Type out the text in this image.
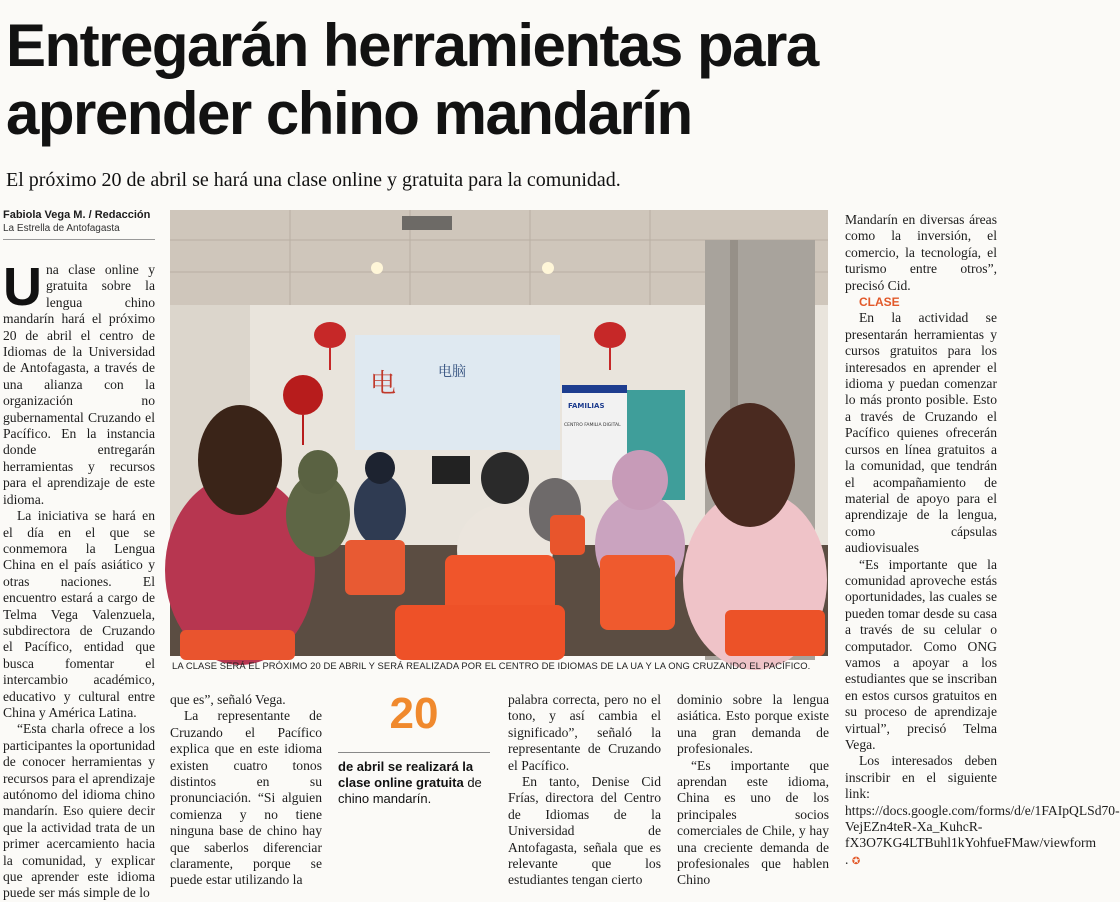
Entregarán herramientas para aprender chino mandarín
El próximo 20 de abril se hará una clase online y gratuita para la comunidad.
Fabiola Vega M. / Redacción
La Estrella de Antofagasta

Una clase online y gratuita sobre la lengua chino mandarín hará el próximo 20 de abril el centro de Idiomas de la Universidad de Antofagasta, a través de una alianza con la organización no gubernamental Cruzando el Pacífico. En la instancia donde entregarán herramientas y recursos para el aprendizaje de este idioma.

La iniciativa se hará en el día en el que se conmemora la Lengua China en el país asiático y otras naciones. El encuentro estará a cargo de Telma Vega Valenzuela, subdirectora de Cruzando el Pacífico, entidad que busca fomentar el intercambio académico, educativo y cultural entre China y América Latina.

“Esta charla ofrece a los participantes la oportunidad de conocer herramientas y recursos para el aprendizaje autónomo del idioma chino mandarín. Eso quiere decir que la actividad trata de un primer acercamiento hacia la comunidad, y explicar que aprender este idioma puede ser más simple de lo

电	电脑
FAMILIAS
CENTRO FAMILIA DIGITAL
LA CLASE SERÁ EL PRÓXIMO 20 DE ABRIL Y SERÁ REALIZADA POR EL CENTRO DE IDIOMAS DE LA UA Y LA ONG CRUZANDO EL PACÍFICO.

que es”, señaló Vega.

La representante de Cruzando el Pacífico explica que en este idioma existen cuatro tonos distintos en su pronunciación. “Si alguien comienza y no tiene ninguna base de chino hay que saberlos diferenciar claramente, porque se puede estar utilizando la

20
de abril se realizará la clase online gratuita de chino mandarín.

palabra correcta, pero no el tono, y así cambia el significado”, señaló la representante de Cruzando el Pacífico.

En tanto, Denise Cid Frías, directora del Centro de Idiomas de la Universidad de Antofagasta, señala que es relevante que los estudiantes tengan cierto

dominio sobre la lengua asiática. Esto porque existe una gran demanda de profesionales.

“Es importante que aprendan este idioma, China es uno de los principales socios comerciales de Chile, y hay una creciente demanda de profesionales que hablen Chino

Mandarín en diversas áreas como la inversión, el comercio, la tecnología, el turismo entre otros”, precisó Cid.

CLASE

En la actividad se presentarán herramientas y cursos gratuitos para los interesados en aprender el idioma y puedan comenzar lo más pronto posible. Esto a través de Cruzando el Pacífico quienes ofrecerán cursos en línea gratuitos a la comunidad, que tendrán el acompañamiento de material de apoyo para el aprendizaje de la lengua, como cápsulas audiovisuales

“Es importante que la comunidad aproveche estás oportunidades, las cuales se pueden tomar desde su casa a través de su celular o computador. Como ONG vamos a apoyar a los estudiantes que se inscriban en estos cursos gratuitos en su proceso de aprendizaje virtual”, precisó Telma Vega.

Los interesados deben inscribir en el siguiente link: https://docs.google.com/forms/d/e/1FAIpQLSd70-VejEZn4teR-Xa_KuhcR-fX3O7KG4LTBuhl1kYohfueFMaw/viewform . ✪
